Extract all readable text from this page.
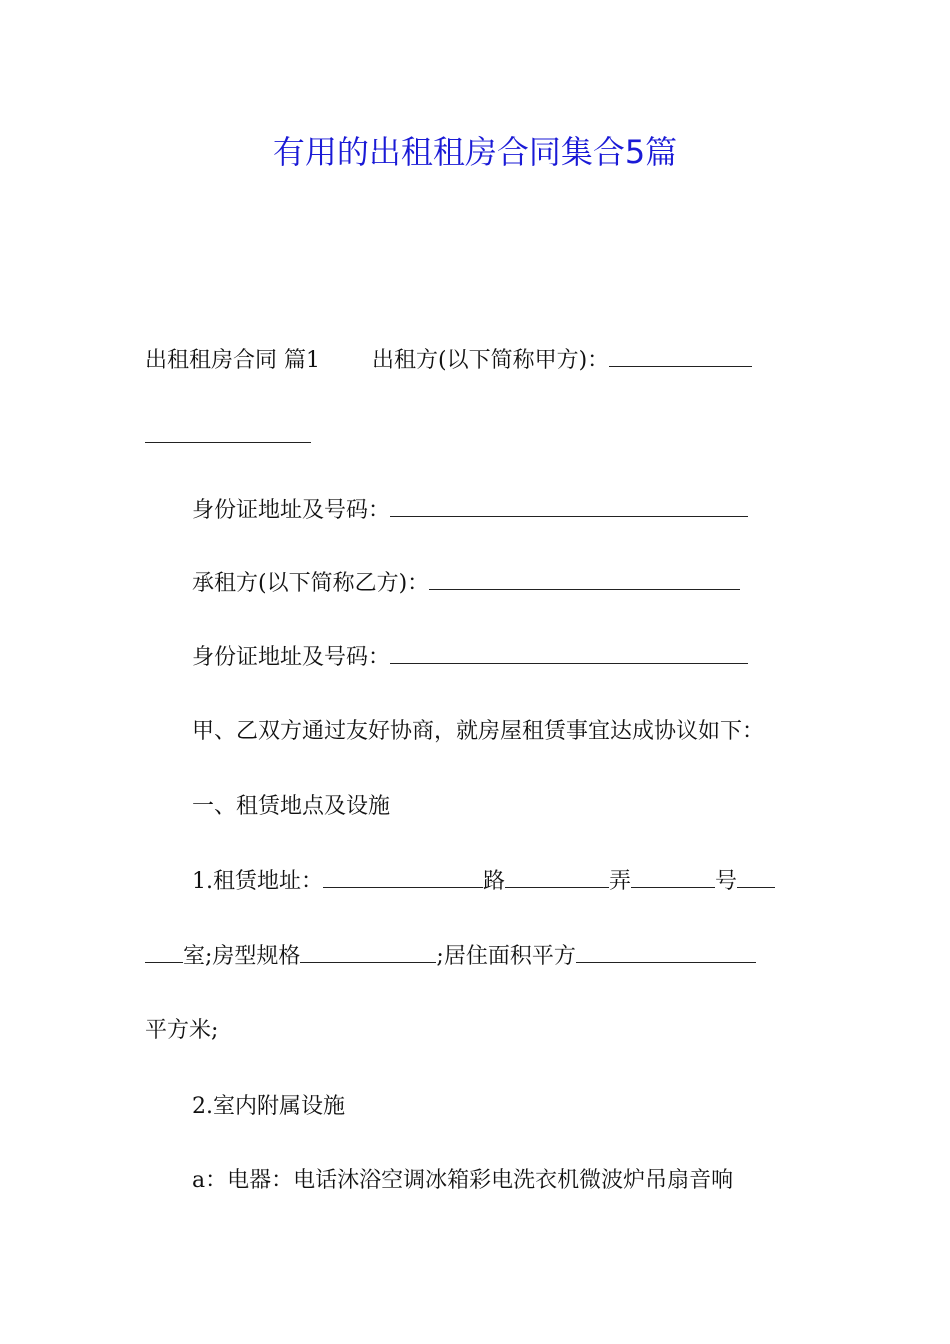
有用的出租租房合同集合5篇
出租租房合同 篇1 出租方(以下简称甲方)：
身份证地址及号码：
承租方(以下简称乙方)：
身份证地址及号码：
甲、乙双方通过友好协商，就房屋租赁事宜达成协议如下：
一、租赁地点及设施
1.租赁地址：	路	弄	号
室;房型规格	;居住面积平方
平方米;
2.室内附属设施
a：电器：电话沐浴空调冰箱彩电洗衣机微波炉吊扇音响
